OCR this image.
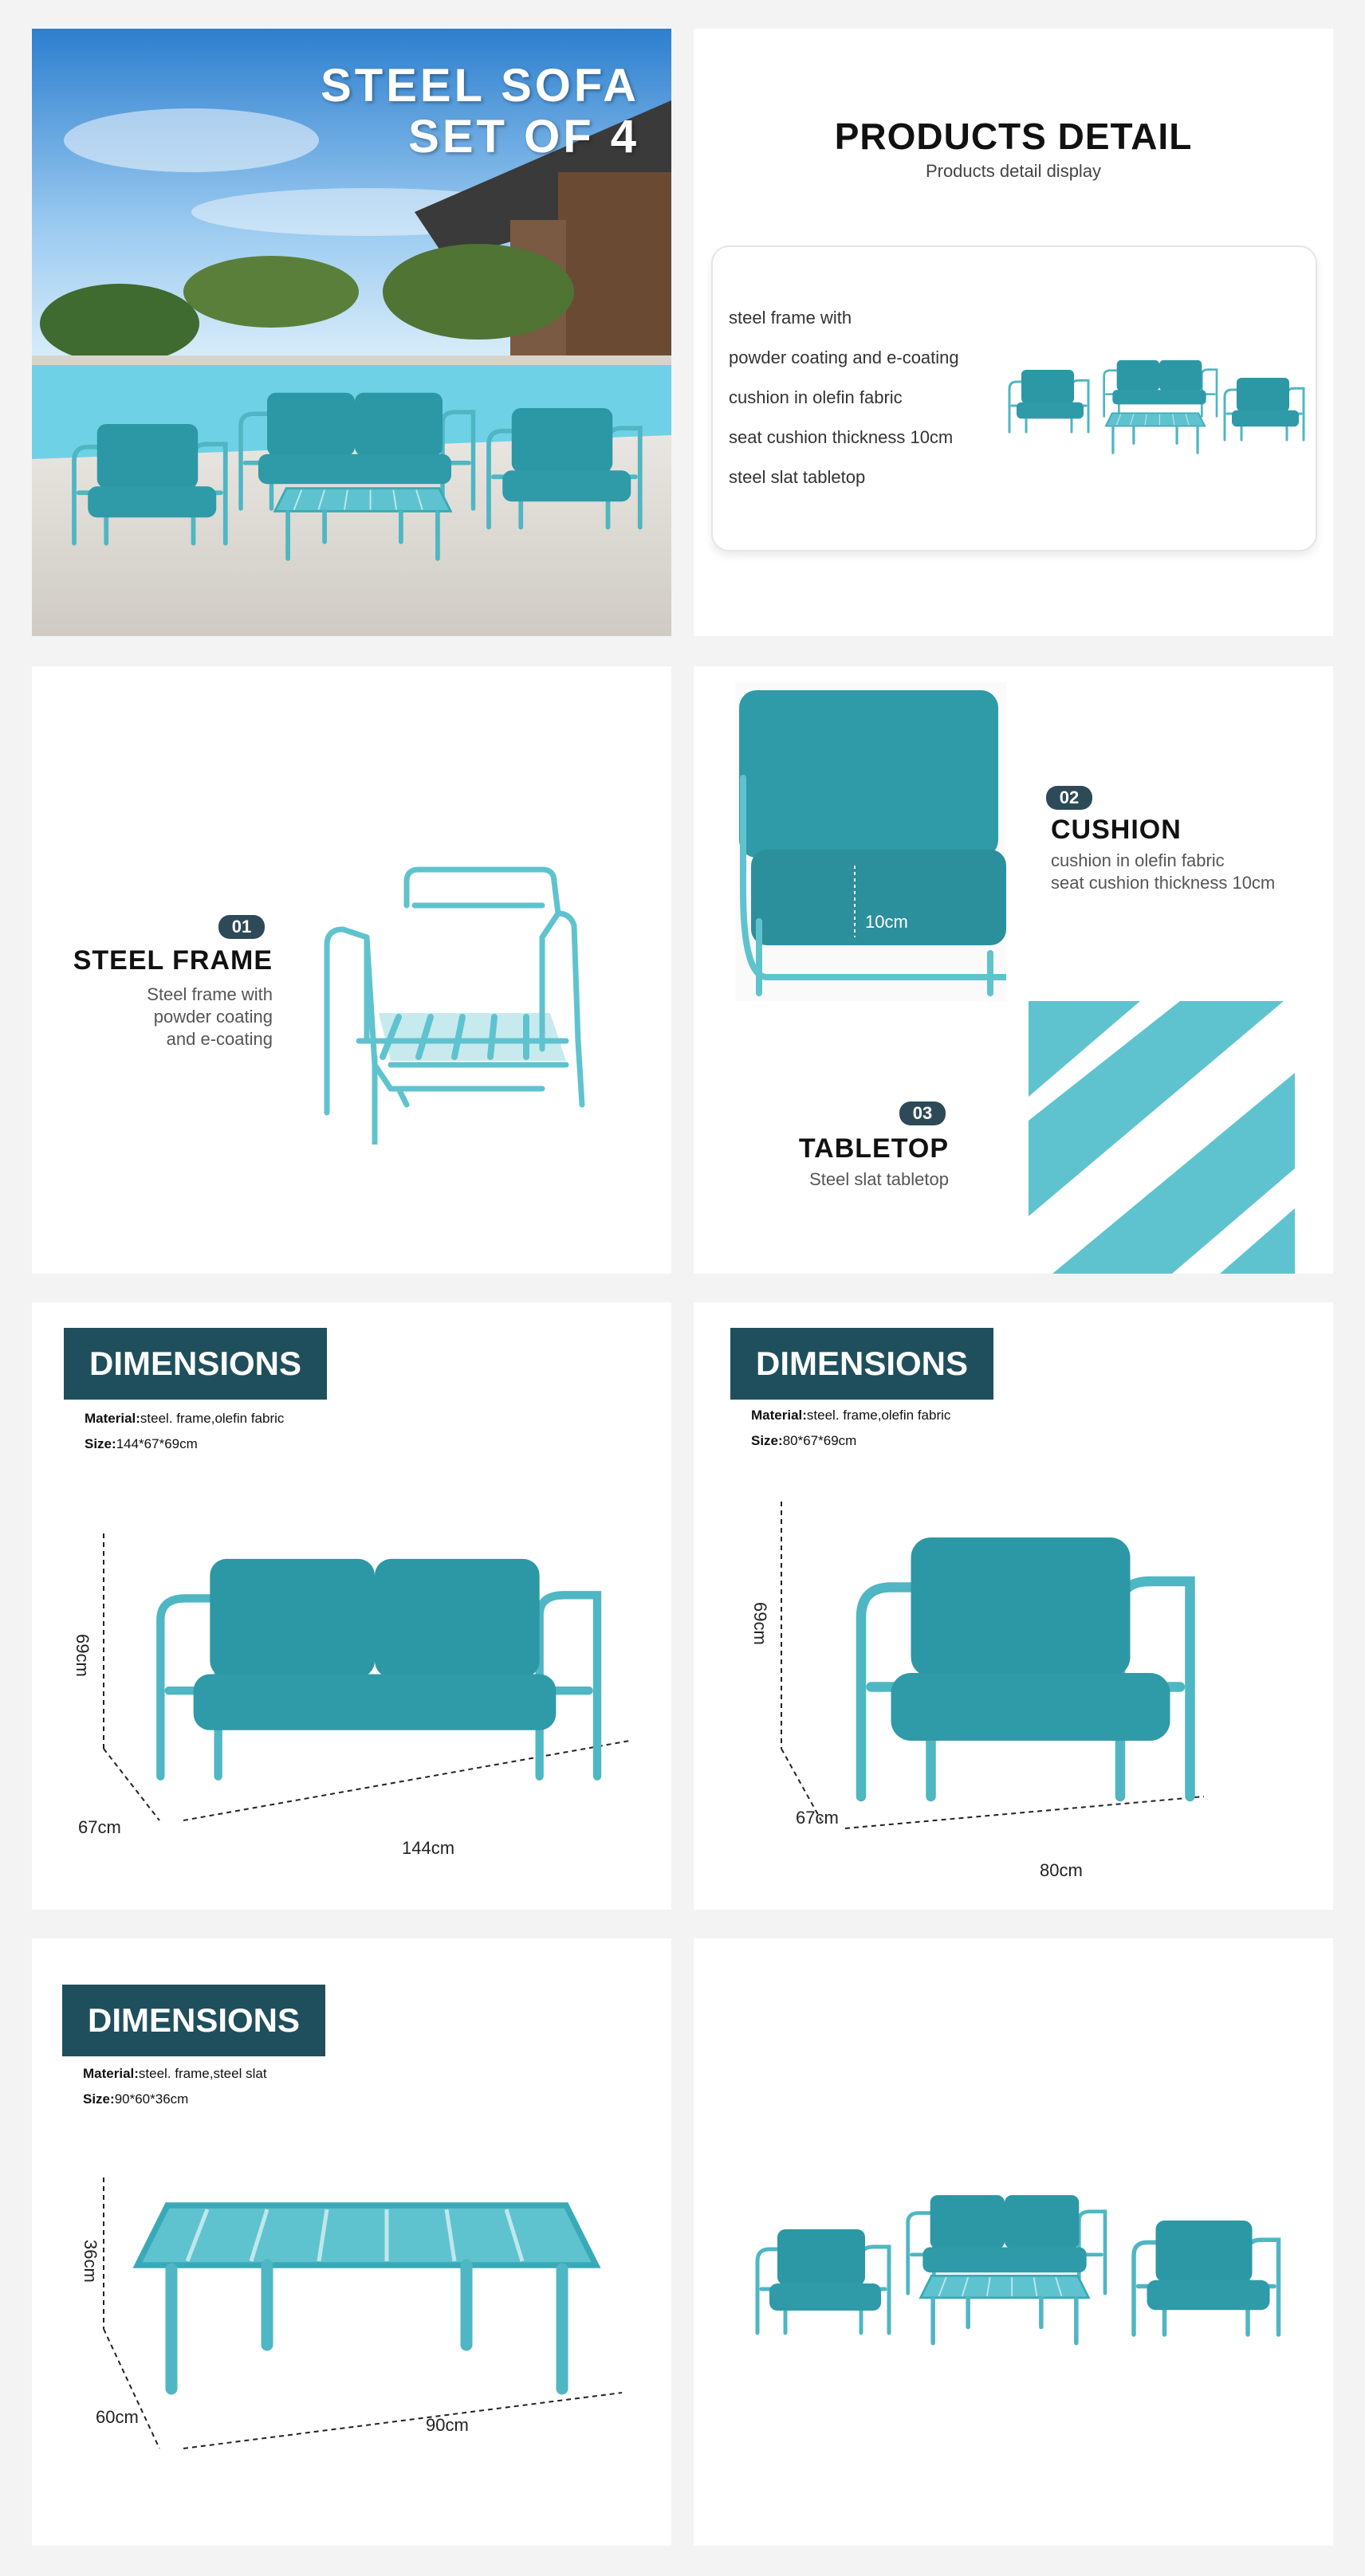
STEEL SOFA
SET OF 4	PRODUCTS DETAIL
Products detail display
steel frame with
powder coating and e-coating
cushion in olefin fabric
seat cushion thickness 10cm
steel slat tabletop
01
STEEL FRAME
Steel frame with
powder coating
and e-coating
10cm
02
CUSHION
cushion in olefin fabric
seat cushion thickness 10cm
03
TABLETOP
Steel slat tabletop
DIMENSIONS
Material:steel. frame,olefin fabric
Size:144*67*69cm
69cm
67cm
144cm
DIMENSIONS
Material:steel. frame,olefin fabric
Size:80*67*69cm
69cm
67cm
80cm
DIMENSIONS
Material:steel. frame,steel slat
Size:90*60*36cm
36cm
60cm	90cm
